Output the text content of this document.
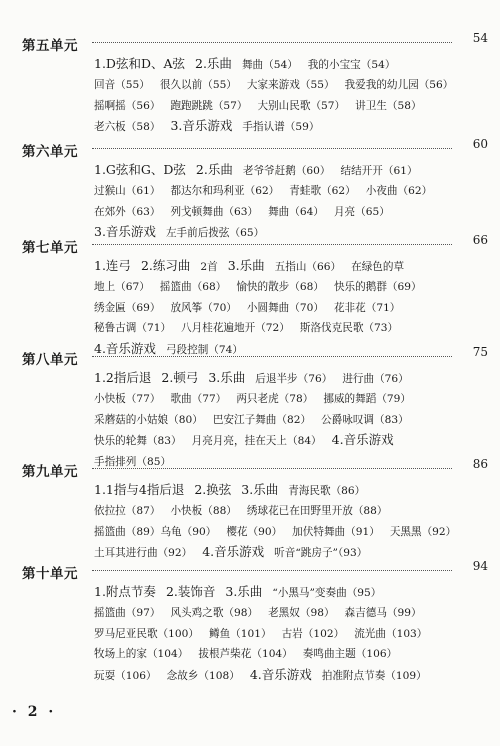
第五单元	54
1.D弦和D、A弦 2.乐曲 舞曲（54） 我的小宝宝（54）
回音（55） 很久以前（55） 大家来游戏（55） 我爱我的幼儿园（56）
摇啊摇（56） 跑跑跳跳（57） 大别山民歌（57） 讲卫生（58）
老六板（58） 3.音乐游戏 手指认谱（59）
第六单元	60
1.G弦和G、D弦 2.乐曲 老爷爷赶鹅（60） 结结开开（61）
过猴山（61） 都达尔和玛利亚（62） 青蛙歌（62） 小夜曲（62）
在郊外（63） 列戈顿舞曲（63） 舞曲（64） 月亮（65）
3.音乐游戏 左手前后拨弦（65）
第七单元	66
1.连弓 2.练习曲 2首 3.乐曲 五指山（66） 在绿色的草
地上（67） 摇篮曲（68） 愉快的散步（68） 快乐的鹅群（69）
绣金匾（69） 放风筝（70） 小圆舞曲（70） 花非花（71）
秘鲁古调（71） 八月桂花遍地开（72） 斯洛伐克民歌（73）
4.音乐游戏 弓段控制（74）
第八单元	75
1.2指后退 2.顿弓 3.乐曲 后退半步（76） 进行曲（76）
小快板（77） 歌曲（77） 两只老虎（78） 挪威的舞蹈（79）
采蘑菇的小姑娘（80） 巴安江子舞曲（82） 公爵咏叹调（83）
快乐的轮舞（83） 月亮月亮，挂在天上（84） 4.音乐游戏
手指排列（85）
第九单元	86
1.1指与4指后退 2.换弦 3.乐曲 青海民歌（86）
依拉拉（87） 小快板（88） 绣球花已在田野里开放（88）
摇篮曲（89）乌龟（90） 樱花（90） 加伏特舞曲（91） 天黑黑（92）
土耳其进行曲（92） 4.音乐游戏 听音“跳房子”（93）
第十单元	94
1.附点节奏 2.装饰音 3.乐曲 “小黑马”变奏曲（95）
摇篮曲（97） 风头鸡之歌（98） 老黑奴（98） 森吉德马（99）
罗马尼亚民歌（100） 鳟鱼（101） 古岩（102） 流光曲（103）
牧场上的家（104） 拔根芦柴花（104） 奏鸣曲主题（106）
玩耍（106） 念故乡（108） 4.音乐游戏 拍准附点节奏（109）
· 2 ·
